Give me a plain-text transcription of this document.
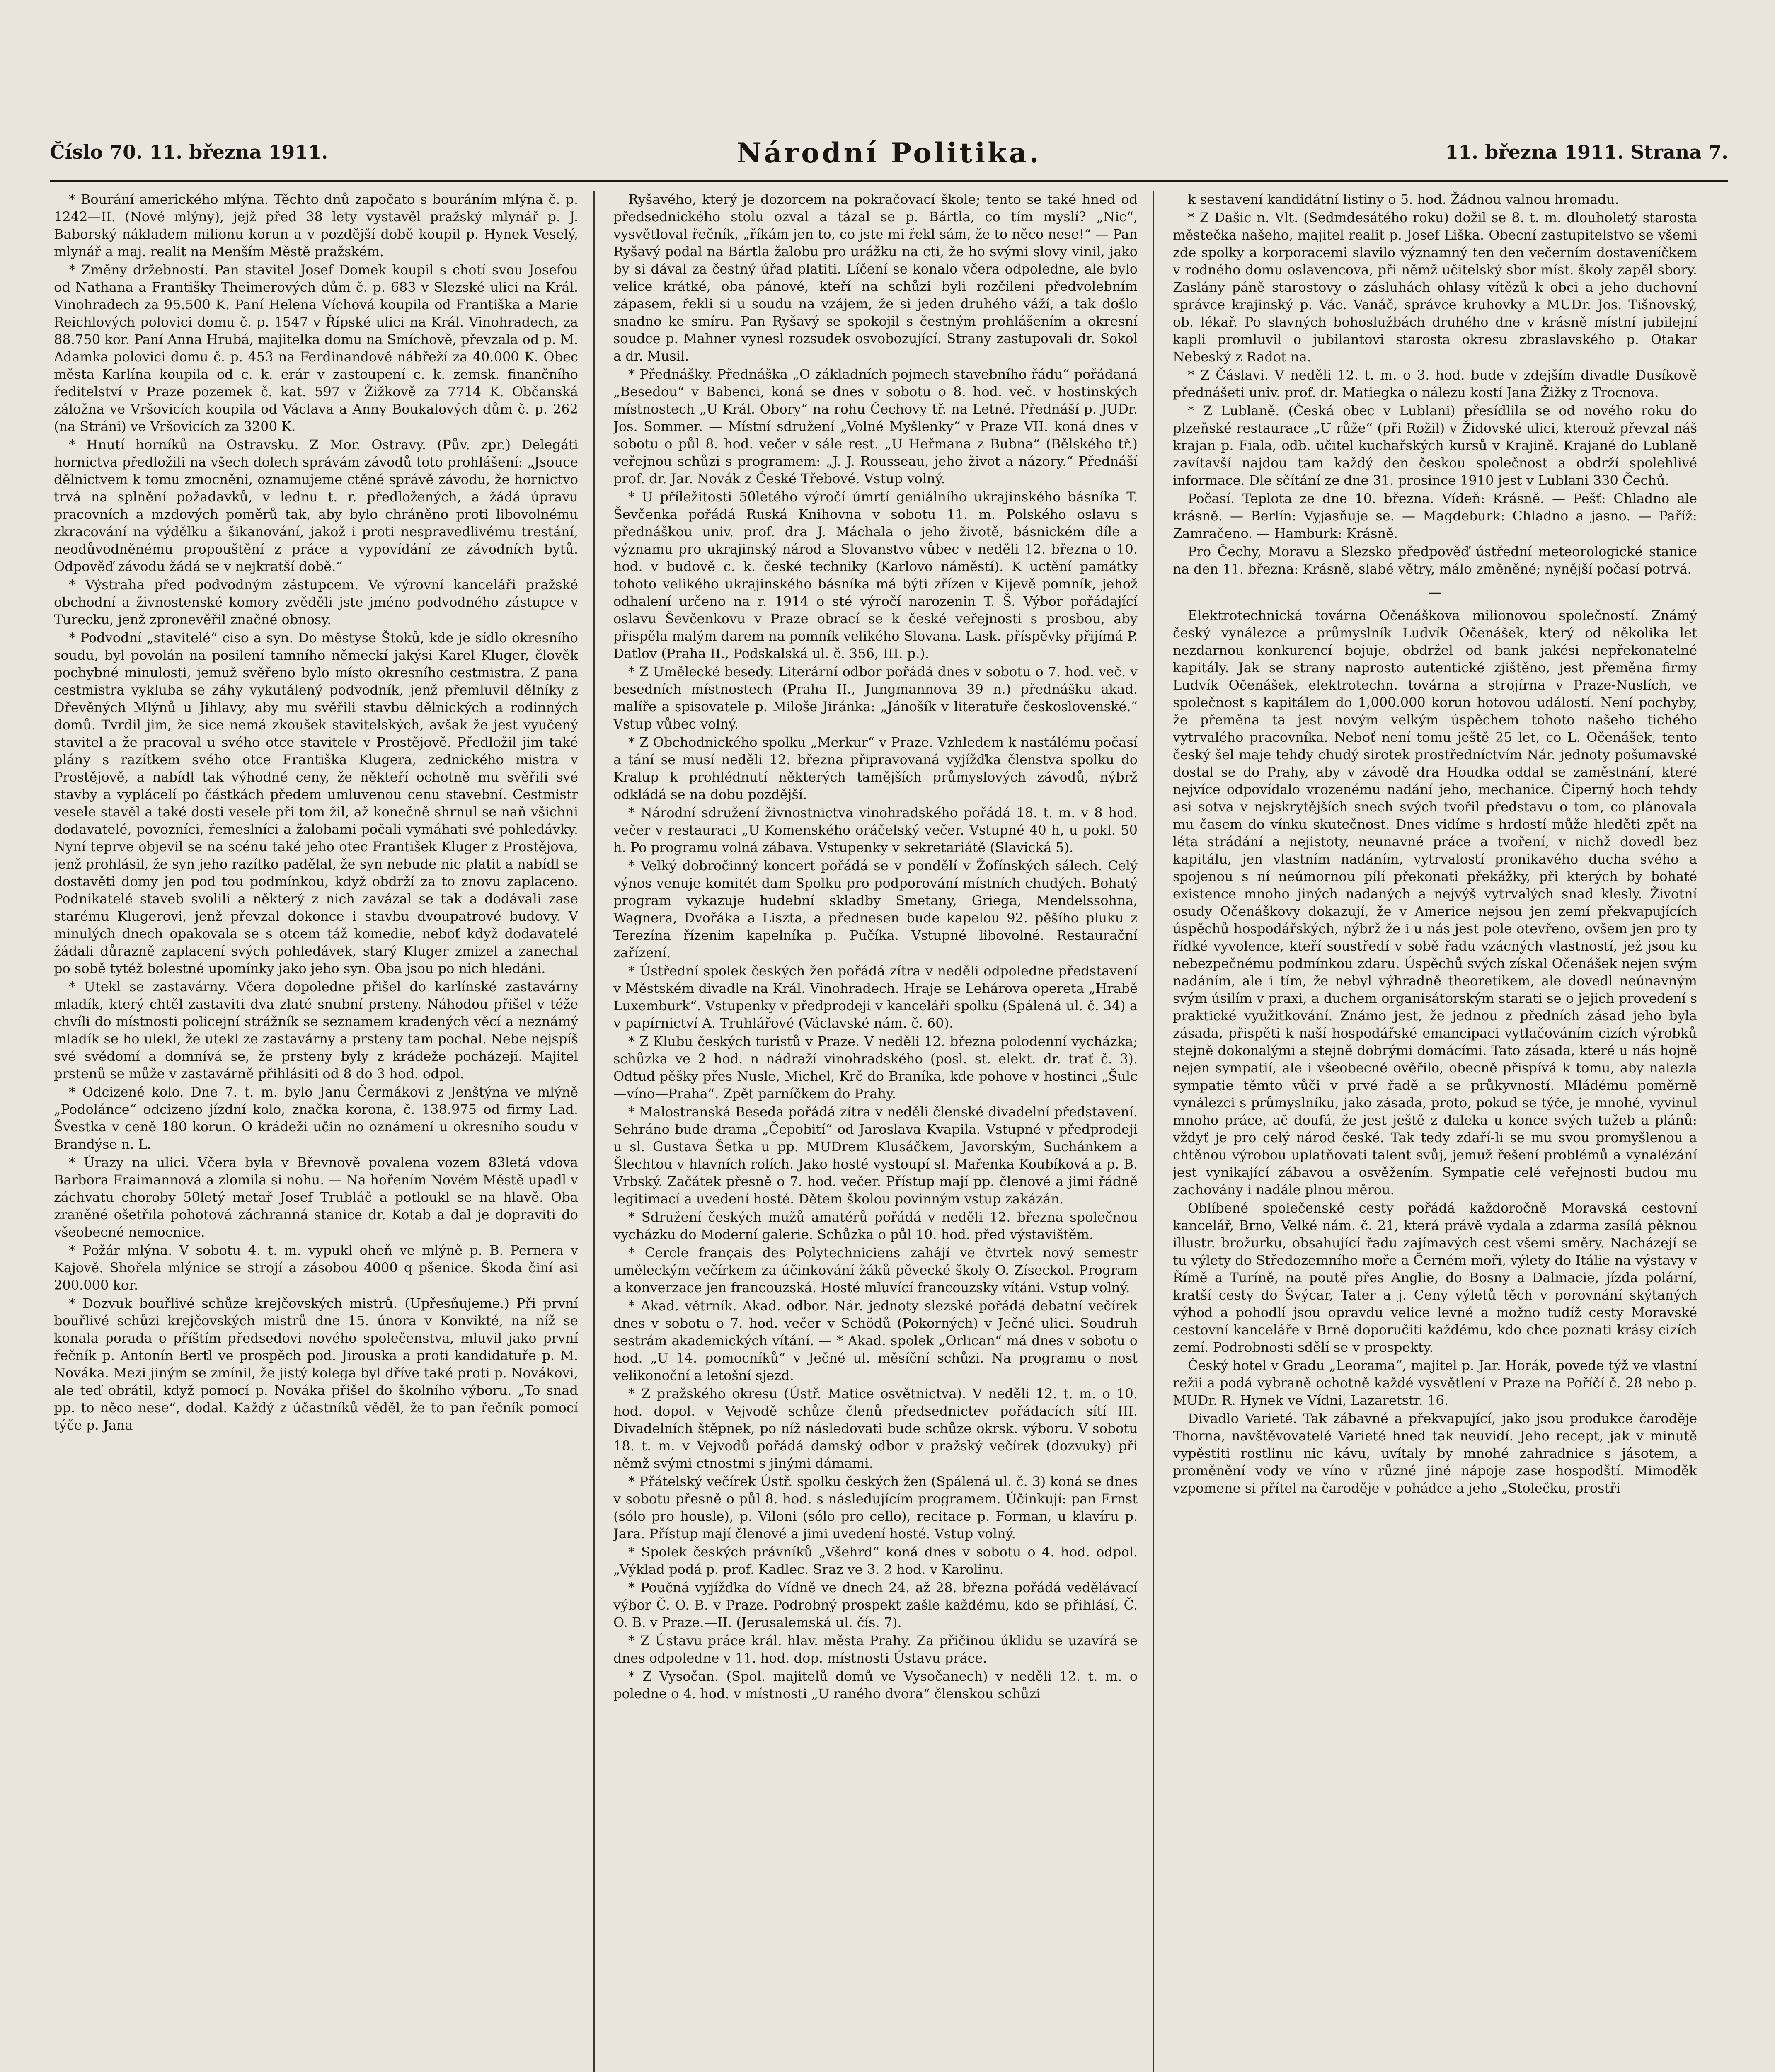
Číslo 70. 11. března 1911.	Národní Politika.	11. března 1911. Strana 7.

* Bourání amerického mlýna. Těchto dnů započato s bouráním mlýna č. p. 1242—II. (Nové mlýny), jejž před 38 lety vystavěl pražský mlynář p. J. Baborský nákladem milionu korun a v pozdější době koupil p. Hynek Veselý, mlynář a maj. realit na Menším Městě pražském.

* Změny držebností. Pan stavitel Josef Domek koupil s chotí svou Josefou od Nathana a Františky Theimerových dům č. p. 683 v Slezské ulici na Král. Vinohradech za 95.500 K. Paní Helena Víchová koupila od Františka a Marie Reichlových polovici domu č. p. 1547 v Řípské ulici na Král. Vinohradech, za 88.750 kor. Paní Anna Hrubá, majitelka domu na Smíchově, převzala od p. M. Adamka polovici domu č. p. 453 na Ferdinandově nábřeží za 40.000 K. Obec města Karlína koupila od c. k. erár v zastoupení c. k. zemsk. finančního ředitelství v Praze pozemek č. kat. 597 v Žižkově za 7714 K. Občanská záložna ve Vršovicích koupila od Václava a Anny Boukalových dům č. p. 262 (na Stráni) ve Vršovicích za 3200 K.

* Hnutí horníků na Ostravsku. Z Mor. Ostravy. (Pův. zpr.) Delegáti hornictva předložili na všech dolech správám závodů toto prohlášení: „Jsouce dělnictvem k tomu zmocněni, oznamujeme ctěné správě závodu, že hornictvo trvá na splnění požadavků, v lednu t. r. předložených, a žádá úpravu pracovních a mzdových poměrů tak, aby bylo chráněno proti libovolnému zkracování na výdělku a šikanování, jakož i proti nespravedlivému trestání, neodůvodněnému propouštění z práce a vypovídání ze závodních bytů. Odpověď závodu žádá se v nejkratší době.“

* Výstraha před podvodným zástupcem. Ve výrovní kanceláři pražské obchodní a živnostenské komory zvěděli jste jméno podvodného zástupce v Turecku, jenž zpronevěřil značné obnosy.

* Podvodní „stavitelé“ ciso a syn. Do městyse Štoků, kde je sídlo okresního soudu, byl povolán na posilení tamního německí jakýsi Karel Kluger, člověk pochybné minulosti, jemuž svěřeno bylo místo okresního cestmistra. Z pana cestmistra vykluba se záhy vykutálený podvodník, jenž přemluvil dělníky z Dřevěných Mlýnů u Jihlavy, aby mu svěřili stavbu dělnických a rodinných domů. Tvrdil jim, že sice nemá zkoušek stavitelských, avšak že jest vyučený stavitel a že pracoval u svého otce stavitele v Prostějově. Předložil jim také plány s razítkem svého otce Františka Klugera, zednického mistra v Prostějově, a nabídl tak výhodné ceny, že někteří ochotně mu svěřili své stavby a vyplácelí po částkách předem umluvenou cenu stavební. Cestmistr vesele stavěl a také dosti vesele při tom žil, až konečně shrnul se naň všichni dodavatelé, povozníci, řemeslníci a žalobami počali vymáhati své pohledávky. Nyní teprve objevil se na scénu také jeho otec František Kluger z Prostějova, jenž prohlásil, že syn jeho razítko padělal, že syn nebude nic platit a nabídl se dostavěti domy jen pod tou podmínkou, když obdrží za to znovu zaplaceno. Podnikatelé staveb svolili a některý z nich zavázal se tak a dodávali zase starému Klugerovi, jenž převzal dokonce i stavbu dvoupatrové budovy. V minulých dnech opakovala se s otcem táž komedie, neboť když dodavatelé žádali důrazně zaplacení svých pohledávek, starý Kluger zmizel a zanechal po sobě tytéž bolestné upomínky jako jeho syn. Oba jsou po nich hledáni.

* Utekl se zastavárny. Včera dopoledne přišel do karlínské zastavárny mladík, který chtěl zastaviti dva zlaté snubní prsteny. Náhodou přišel v téže chvíli do místnosti policejní strážník se seznamem kradených věcí a neznámý mladík se ho ulekl, že utekl ze zastavárny a prsteny tam pochal. Nebe nejspíš své svědomí a domnívá se, že prsteny byly z krádeže pocházejí. Majitel prstenů se může v zastavárně přihlásiti od 8 do 3 hod. odpol.

* Odcizené kolo. Dne 7. t. m. bylo Janu Čermákovi z Jenštýna ve mlýně „Podolánce“ odcizeno jízdní kolo, značka korona, č. 138.975 od firmy Lad. Švestka v ceně 180 korun. O krádeži učin no oznámení u okresního soudu v Brandýse n. L.

* Úrazy na ulici. Včera byla v Břevnově povalena vozem 83letá vdova Barbora Fraimannová a zlomila si nohu. — Na hořením Novém Městě upadl v záchvatu choroby 50letý metař Josef Trubláč a potloukl se na hlavě. Oba zraněné ošetřila pohotová záchranná stanice dr. Kotab a dal je dopraviti do všeobecné nemocnice.

* Požár mlýna. V sobotu 4. t. m. vypukl oheň ve mlýně p. B. Pernera v Kajově. Shořela mlýnice se strojí a zásobou 4000 q pšenice. Škoda činí asi 200.000 kor.

* Dozvuk bouřlivé schůze krejčovských mistrů. (Upřesňujeme.) Při první bouřlivé schůzi krejčovských mistrů dne 15. února v Konvikté, na níž se konala porada o příštím předsedovi nového společenstva, mluvil jako první řečník p. Antonín Bertl ve prospěch pod. Jirouska a proti kandidatuře p. M. Nováka. Mezi jiným se zmínil, že jistý kolega byl dříve také proti p. Novákovi, ale teď obrátil, když pomocí p. Nováka přišel do školního výboru. „To snad pp. to něco nese“, dodal. Každý z účastníků věděl, že to pan řečník pomocí týče p. Jana

Ryšavého, který je dozorcem na pokračovací škole; tento se také hned od předsednického stolu ozval a tázal se p. Bártla, co tím myslí? „Nic“, vysvětloval řečník, „říkám jen to, co jste mi řekl sám, že to něco nese!“ — Pan Ryšavý podal na Bártla žalobu pro urážku na cti, že ho svými slovy vinil, jako by si dával za čestný úřad platiti. Líčení se konalo včera odpoledne, ale bylo velice krátké, oba pánové, kteří na schůzi byli rozčileni předvolebním zápasem, řekli si u soudu na vzájem, že si jeden druhého váží, a tak došlo snadno ke smíru. Pan Ryšavý se spokojil s čestným prohlášením a okresní soudce p. Mahner vynesl rozsudek osvobozující. Strany zastupovali dr. Sokol a dr. Musil.

* Přednášky. Přednáška „O základních pojmech stavebního řádu“ pořádaná „Besedou“ v Babenci, koná se dnes v sobotu o 8. hod. več. v hostinských místnostech „U Král. Obory“ na rohu Čechovy tř. na Letné. Přednáší p. JUDr. Jos. Sommer. — Místní sdružení „Volné Myšlenky“ v Praze VII. koná dnes v sobotu o půl 8. hod. večer v sále rest. „U Heřmana z Bubna“ (Bělského tř.) veřejnou schůzi s programem: „J. J. Rousseau, jeho život a názory.“ Přednáší prof. dr. Jar. Novák z České Třebové. Vstup volný.

* U příležitosti 50letého výročí úmrtí geniálního ukrajinského básníka T. Ševčenka pořádá Ruská Knihovna v sobotu 11. m. Polského oslavu s přednáškou univ. prof. dra J. Máchala o jeho životě, básnickém díle a významu pro ukrajinský národ a Slovanstvo vůbec v neděli 12. března o 10. hod. v budově c. k. české techniky (Karlovo náměstí). K uctění památky tohoto velikého ukrajinského básníka má býti zřízen v Kijevě pomník, jehož odhalení určeno na r. 1914 o sté výročí narozenin T. Š. Výbor pořádající oslavu Ševčenkovu v Praze obrací se k české veřejnosti s prosbou, aby přispěla malým darem na pomník velikého Slovana. Lask. příspěvky přijímá P. Datlov (Praha II., Podskalská ul. č. 356, III. p.).

* Z Umělecké besedy. Literární odbor pořádá dnes v sobotu o 7. hod. več. v besedních místnostech (Praha II., Jungmannova 39 n.) přednášku akad. malíře a spisovatele p. Miloše Jiránka: „Jánošík v literatuře československé.“ Vstup vůbec volný.

* Z Obchodnického spolku „Merkur“ v Praze. Vzhledem k nastálému počasí a tání se musí neděli 12. března připravovaná vyjížďka členstva spolku do Kralup k prohlédnutí některých tamějších průmyslových závodů, nýbrž odkládá se na dobu pozdější.

* Národní sdružení živnostnictva vinohradského pořádá 18. t. m. v 8 hod. večer v restauraci „U Komenského oráčelský večer. Vstupné 40 h, u pokl. 50 h. Po programu volná zábava. Vstupenky v sekretariátě (Slavická 5).

* Velký dobročinný koncert pořádá se v pondělí v Žofínských sálech. Celý výnos venuje komitét dam Spolku pro podporování místních chudých. Bohatý program vykazuje hudební skladby Smetany, Griega, Mendelssohna, Wagnera, Dvořáka a Liszta, a přednesen bude kapelou 92. pěšího pluku z Terezína řízenim kapelníka p. Pučíka. Vstupné libovolné. Restaurační zařízení.

* Ústřední spolek českých žen pořádá zítra v neděli odpoledne představení v Městském divadle na Král. Vinohradech. Hraje se Lehárova opereta „Hrabě Luxemburk“. Vstupenky v předprodeji v kanceláři spolku (Spálená ul. č. 34) a v papírnictví A. Truhlářové (Václavské nám. č. 60).

* Z Klubu českých turistů v Praze. V neděli 12. března polodenní vycházka; schůzka ve 2 hod. n nádraží vinohradského (posl. st. elekt. dr. trať č. 3). Odtud pěšky přes Nusle, Michel, Krč do Braníka, kde pohove v hostinci „Šulc—víno—Praha“. Zpět parníčkem do Prahy.

* Malostranská Beseda pořádá zítra v neděli členské divadelní představení. Sehráno bude drama „Čepobití“ od Jaroslava Kvapila. Vstupné v předprodeji u sl. Gustava Šetka u pp. MUDrem Klusáčkem, Javorským, Suchánkem a Šlechtou v hlavních rolích. Jako hosté vystoupí sl. Mařenka Koubíková a p. B. Vrbský. Začátek přesně o 7. hod. večer. Přístup mají pp. členové a jimi řádně legitimací a uvedení hosté. Dětem školou povinným vstup zakázán.

* Sdružení českých mužů amatérů pořádá v neděli 12. března společnou vycházku do Moderní galerie. Schůzka o půl 10. hod. před výstavištěm.

* Cercle français des Polytechniciens zahájí ve čtvrtek nový semestr uměleckým večírkem za účinkování žáků pěvecké školy O. Zíseckol. Program a konverzace jen francouzská. Hosté mluvící francouzsky vítáni. Vstup volný.

* Akad. větrník. Akad. odbor. Nár. jednoty slezské pořádá debatní večírek dnes v sobotu o 7. hod. večer v Schödů (Pokorných) v Ječné ulici. Soudruh sestrám akademických vítání. — * Akad. spolek „Orlican“ má dnes v sobotu o hod. „U 14. pomocníků“ v Ječné ul. měsíční schůzi. Na programu o nost velikonoční a letošní sjezd.

* Z pražského okresu (Ústř. Matice osvětnictva). V neděli 12. t. m. o 10. hod. dopol. v Vejvodě schůze členů předsednictev pořádacích sítí III. Divadelních štěpnek, po níž následovati bude schůze okrsk. výboru. V sobotu 18. t. m. v Vejvodů pořádá damský odbor v pražský večírek (dozvuky) při němž svými ctnostmi s jinými dámami.

* Přátelský večírek Ústř. spolku českých žen (Spálená ul. č. 3) koná se dnes v sobotu přesně o půl 8. hod. s následujícím programem. Účinkují: pan Ernst (sólo pro housle), p. Viloni (sólo pro cello), recitace p. Forman, u klavíru p. Jara. Přístup mají členové a jimi uvedení hosté. Vstup volný.

* Spolek českých právníků „Všehrd“ koná dnes v sobotu o 4. hod. odpol. „Výklad podá p. prof. Kadlec. Sraz ve 3. 2 hod. v Karolinu.

* Poučná vyjížďka do Vídně ve dnech 24. až 28. března pořádá vedělávací výbor Č. O. B. v Praze. Podrobný prospekt zašle každému, kdo se přihlásí, Č. O. B. v Praze.—II. (Jerusalemská ul. čís. 7).

* Z Ústavu práce král. hlav. města Prahy. Za přičinou úklidu se uzavírá se dnes odpoledne v 11. hod. dop. místnosti Ústavu práce.

* Z Vysočan. (Spol. majitelů domů ve Vysočanech) v neděli 12. t. m. o poledne o 4. hod. v místnosti „U raného dvora“ členskou schůzi

k sestavení kandidátní listiny o 5. hod. Žádnou valnou hromadu.

* Z Dašic n. Vlt. (Sedmdesátého roku) dožil se 8. t. m. dlouholetý starosta městečka našeho, majitel realit p. Josef Liška. Obecní zastupitelstvo se všemi zde spolky a korporacemi slavilo významný ten den večerním dostaveníčkem v rodného domu oslavencova, při němž učitelský sbor míst. školy zapěl sbory. Zaslány páně starostovy o zásluhách ohlasy vítězů k obci a jeho duchovní správce krajinský p. Vác. Vanáč, správce kruhovky a MUDr. Jos. Tišnovský, ob. lékař. Po slavných bohoslužbách druhého dne v krásně místní jubilejní kapli promluvil o jubilantovi starosta okresu zbraslavského p. Otakar Nebeský z Radot na.

* Z Čáslavi. V neděli 12. t. m. o 3. hod. bude v zdejším divadle Dusíkově přednášeti univ. prof. dr. Matiegka o nálezu kostí Jana Žižky z Trocnova.

* Z Lublaně. (Česká obec v Lublani) přesídlila se od nového roku do plzeňské restaurace „U růže“ (při Rožil) v Židovské ulici, kterouž převzal náš krajan p. Fiala, odb. učitel kuchařských kursů v Krajině. Krajané do Lublaně zavítavší najdou tam každý den českou společnost a obdrží spolehlivé informace. Dle sčítání ze dne 31. prosince 1910 jest v Lublani 330 Čechů.

Počasí. Teplota ze dne 10. března. Vídeň: Krásně. — Pešť: Chladno ale krásně. — Berlín: Vyjasňuje se. — Magdeburk: Chladno a jasno. — Paříž: Zamračeno. — Hamburk: Krásně.

Pro Čechy, Moravu a Slezsko předpověď ústřední meteorologické stanice na den 11. března: Krásně, slabé větry, málo změněné; nynější počasí potrvá.

—

Elektrotechnická továrna Očenáškova milionovou společností. Známý český vynálezce a průmyslník Ludvík Očenášek, který od několika let nezdarnou konkurencí bojuje, obdržel od bank jakési nepřekonatelné kapitály. Jak se strany naprosto autentické zjištěno, jest přeměna firmy Ludvík Očenášek, elektrotechn. továrna a strojírna v Praze-Nuslích, ve společnost s kapitálem do 1,000.000 korun hotovou událostí. Není pochyby, že přeměna ta jest novým velkým úspěchem tohoto našeho tichého vytrvalého pracovníka. Neboť není tomu ještě 25 let, co L. Očenášek, tento český šel maje tehdy chudý sirotek prostředníctvím Nár. jednoty pošumavské dostal se do Prahy, aby v závodě dra Houdka oddal se zaměstnání, které nejvíce odpovídalo vrozenému nadání jeho, mechanice. Čiperný hoch tehdy asi sotva v nejskrytějších snech svých tvořil představu o tom, co plánovala mu časem do vínku skutečnost. Dnes vidíme s hrdostí může hleděti zpět na léta strádání a nejistoty, neunavné práce a tvoření, v nichž dovedl bez kapitálu, jen vlastním nadáním, vytrvalostí pronikavého ducha svého a spojenou s ní neúmornou pílí překonati překážky, při kterých by bohaté existence mnoho jiných nadaných a nejvýš vytrvalých snad klesly. Životní osudy Očenáškovy dokazují, že v Americe nejsou jen zemí překvapujících úspěchů hospodářských, nýbrž že i u nás jest pole otevřeno, ovšem jen pro ty řídké vyvolence, kteří soustředí v sobě řadu vzácných vlastností, jež jsou ku nebezpečnému podmínkou zdaru. Úspěchů svých získal Očenášek nejen svým nadáním, ale i tím, že nebyl výhradně theoretikem, ale dovedl neúnavným svým úsilím v praxi, a duchem organisátorským starati se o jejich provedení s praktické využitkování. Známo jest, že jednou z předních zásad jeho byla zásada, přispěti k naší hospodářské emancipaci vytlačováním cizích výrobků stejně dokonalými a stejně dobrými domácími. Tato zásada, které u nás hojně nejen sympatií, ale i všeobecné ověřilo, obecně přispívá k tomu, aby nalezla sympatie těmto vůči v prvé řadě a se průkyvností. Mládému poměrně vynálezci s průmyslníku, jako zásada, proto, pokud se týče, je mnohé, vyvinul mnoho práce, ač doufá, že jest ještě z daleka u konce svých tužeb a plánů: vždyť je pro celý národ české. Tak tedy zdaří-li se mu svou promyšlenou a chtěnou výrobou uplatňovati talent svůj, jemuž řešení problémů a vynalézání jest vynikající zábavou a osvěžením. Sympatie celé veřejnosti budou mu zachovány i nadále plnou měrou.

Oblíbené společenské cesty pořádá každoročně Moravská cestovní kancelář, Brno, Velké nám. č. 21, která právě vydala a zdarma zasílá pěknou illustr. brožurku, obsahující řadu zajímavých cest všemi směry. Nacházejí se tu výlety do Středozemního moře a Černém moři, výlety do Itálie na výstavy v Římě a Turíně, na poutě přes Anglie, do Bosny a Dalmacie, jízda polární, kratší cesty do Švýcar, Tater a j. Ceny výletů těch v porovnání skýtaných výhod a pohodlí jsou opravdu velice levné a možno tudíž cesty Moravské cestovní kanceláře v Brně doporučiti každému, kdo chce poznati krásy cizích zemí. Podrobnosti sdělí se v prospekty.

Český hotel v Gradu „Leorama“, majitel p. Jar. Horák, povede týž ve vlastní režii a podá vybraně ochotně každé vysvětlení v Praze na Poříčí č. 28 nebo p. MUDr. R. Hynek ve Vídni, Lazaretstr. 16.

Divadlo Varieté. Tak zábavné a překvapující, jako jsou produkce čaroděje Thorna, navštěvovatelé Varieté hned tak neuvidí. Jeho recept, jak v minutě vypěstiti rostlinu nic kávu, uvítaly by mnohé zahradnice s jásotem, a proměnění vody ve víno v různé jiné nápoje zase hospodští. Mimoděk vzpomene si přítel na čaroděje v pohádce a jeho „Stolečku, prostři
